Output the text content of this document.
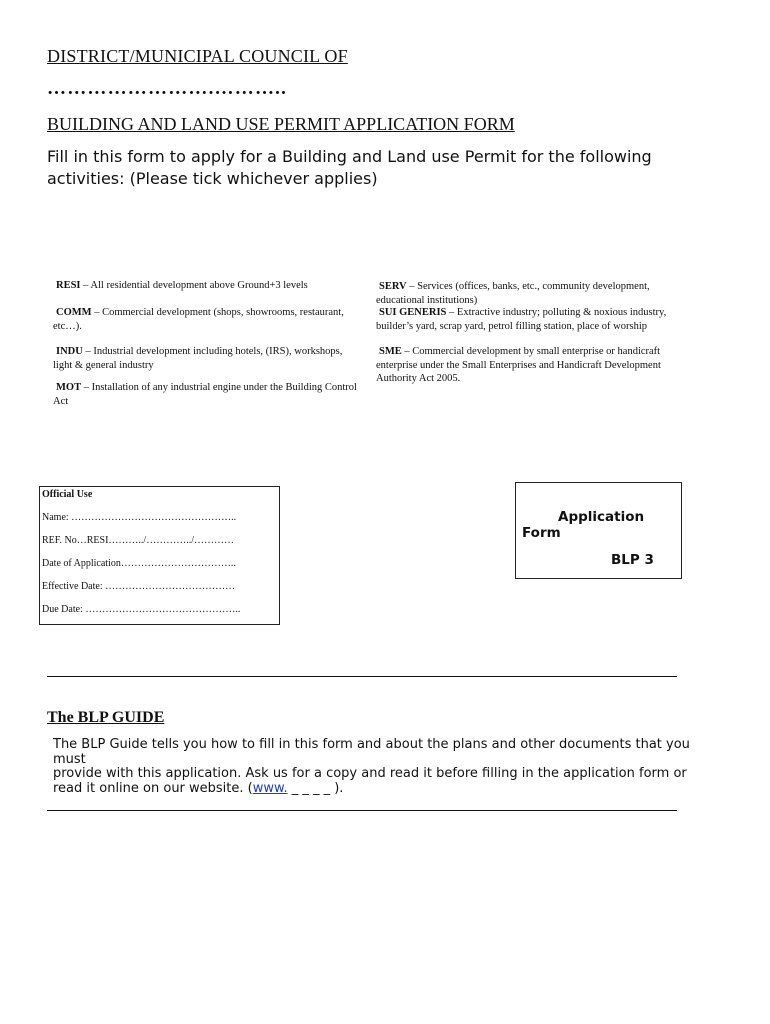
DISTRICT/MUNICIPAL COUNCIL OF
…………………….………..
BUILDING AND LAND USE PERMIT APPLICATION FORM
Fill in this form to apply for a Building and Land use Permit for the following activities: (Please tick whichever applies)
RESI – All residential development above Ground+3 levels
COMM – Commercial development (shops, showrooms, restaurant, etc…).
INDU – Industrial development including hotels, (IRS), workshops, light & general industry
MOT – Installation of any industrial engine under the Building Control Act
SERV – Services (offices, banks, etc., community development, educational institutions)
SUI GENERIS – Extractive industry; polluting & noxious industry, builder’s yard, scrap yard, petrol filling station, place of worship
SME – Commercial development by small enterprise or handicraft enterprise under the Small Enterprises and Handicraft Development Authority Act 2005.
Official Use
Name: …………………………………………..
REF. No…RESI………../…………../…………
Date of Application……………………………..
Effective Date: …………………………………
Due Date: ………………………………………..
Application
Form
BLP 3
The BLP GUIDE
The BLP Guide tells you how to fill in this form and about the plans and other documents that you must
provide with this application. Ask us for a copy and read it before filling in the application form or read it online on our website. (www. _ _ _ _ ).
